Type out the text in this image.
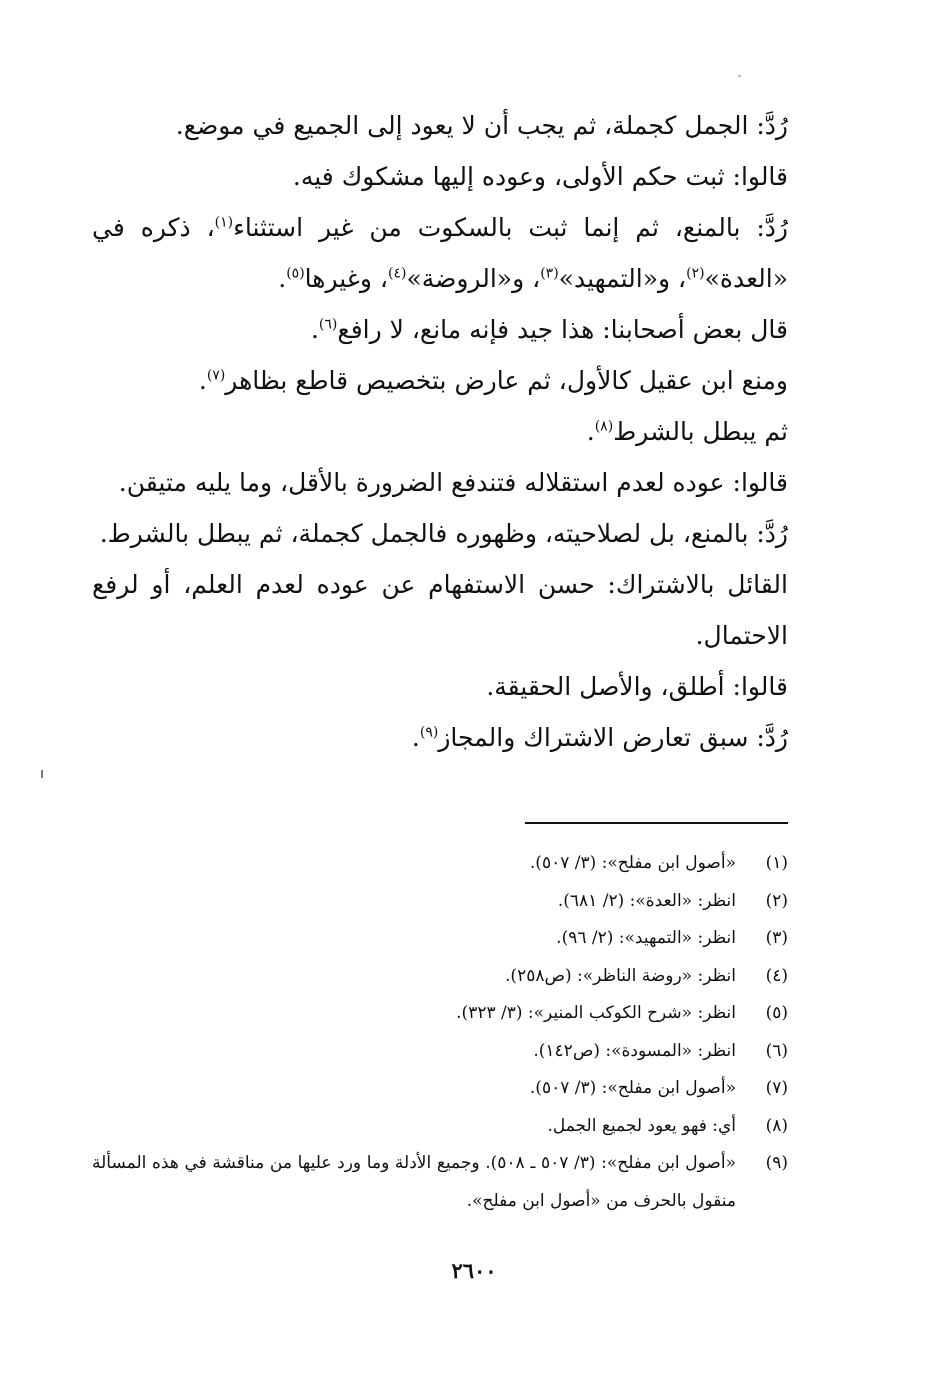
رُدَّ: الجمل كجملة، ثم يجب أن لا يعود إلى الجميع في موضع.

قالوا: ثبت حكم الأولى، وعوده إليها مشكوك فيه.

رُدَّ: بالمنع، ثم إنما ثبت بالسكوت من غير استثناء$^{(١)}$، ذكره في «العدة»$^{(٢)}$، و«التمهيد»$^{(٣)}$، و«الروضة»$^{(٤)}$، وغيرها$^{(٥)}$.

قال بعض أصحابنا: هذا جيد فإنه مانع، لا رافع$^{(٦)}$.

ومنع ابن عقيل كالأول، ثم عارض بتخصيص قاطع بظاهر$^{(٧)}$.

ثم يبطل بالشرط$^{(٨)}$.

قالوا: عوده لعدم استقلاله فتندفع الضرورة بالأقل، وما يليه متيقن.

رُدَّ: بالمنع، بل لصلاحيته، وظهوره فالجمل كجملة، ثم يبطل بالشرط.

القائل بالاشتراك: حسن الاستفهام عن عوده لعدم العلم، أو لرفع الاحتمال.

قالوا: أطلق، والأصل الحقيقة.

رُدَّ: سبق تعارض الاشتراك والمجاز$^{(٩)}$.

(١)
«أصول ابن مفلح»: (٣/ ٥٠٧).
(٢)
انظر: «العدة»: (٢/ ٦٨١).
(٣)
انظر: «التمهيد»: (٢/ ٩٦).
(٤)
انظر: «روضة الناظر»: (ص٢٥٨).
(٥)
انظر: «شرح الكوكب المنير»: (٣/ ٣٢٣).
(٦)
انظر: «المسودة»: (ص١٤٢).
(٧)
«أصول ابن مفلح»: (٣/ ٥٠٧).
(٨)
أي: فهو يعود لجميع الجمل.
(٩)
«أصول ابن مفلح»: (٣/ ٥٠٧ ـ ٥٠٨). وجميع الأدلة وما ورد عليها من مناقشة في هذه المسألة منقول بالحرف من «أصول ابن مفلح».
٢٦٠٠
